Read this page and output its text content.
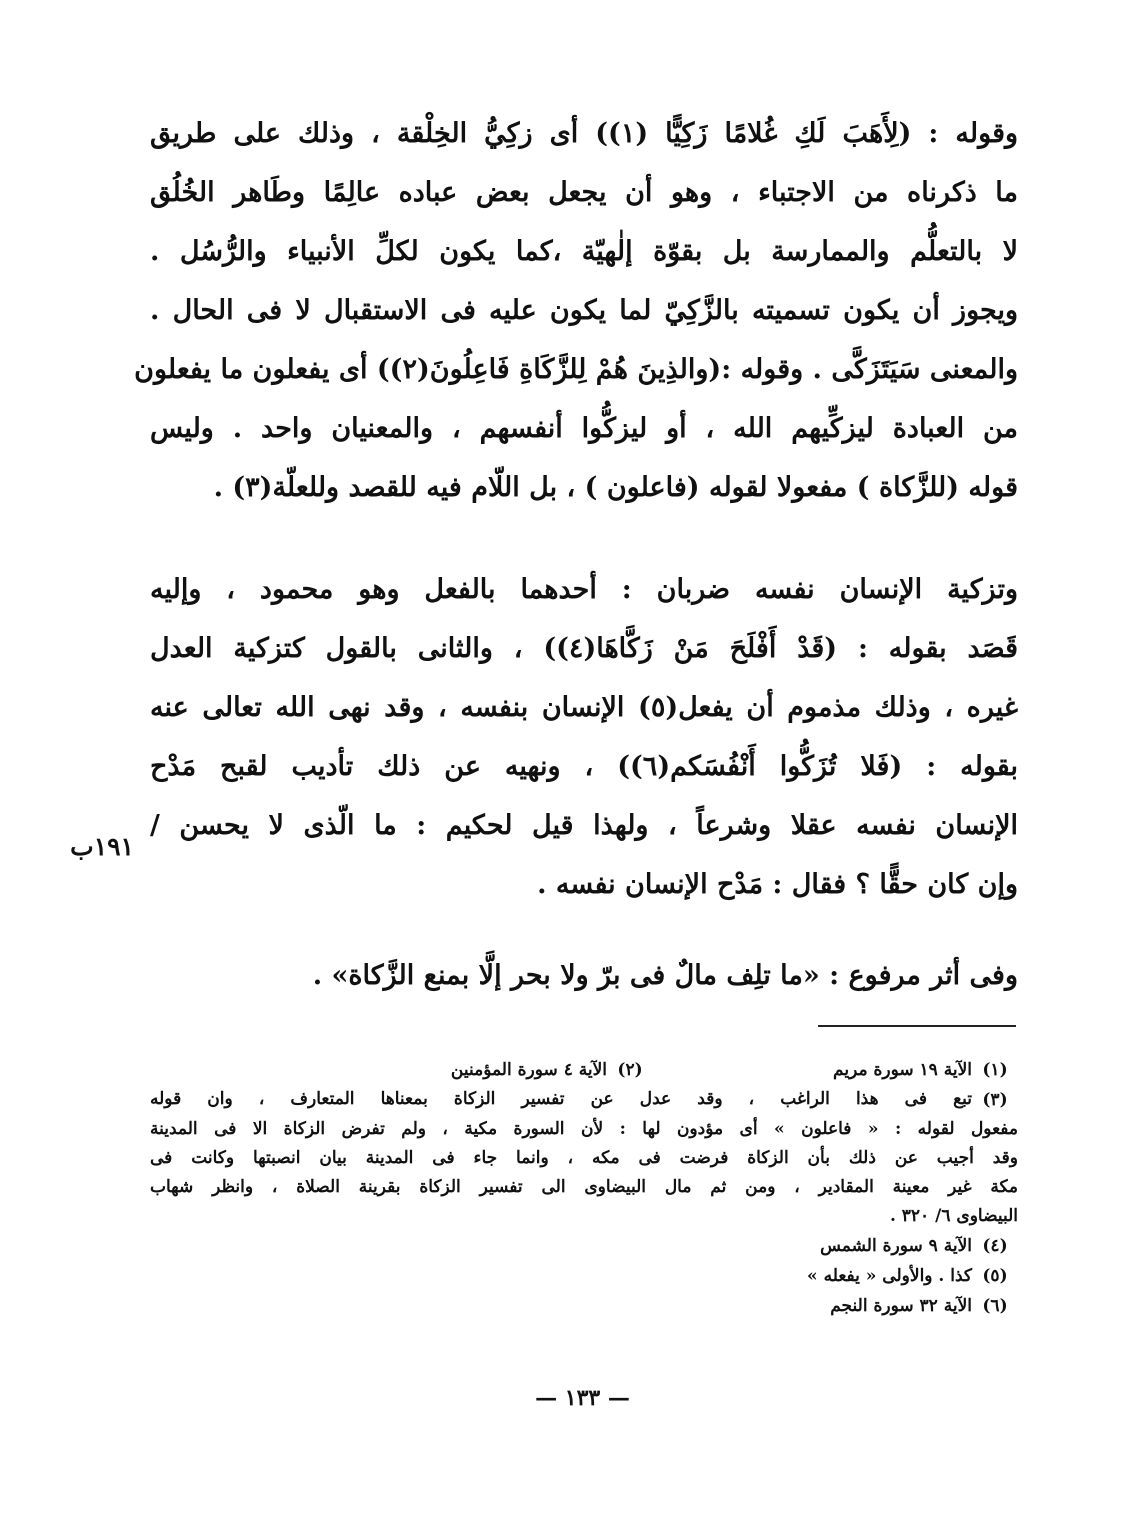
وقوله : (لِأَهَبَ لَكِ غُلامًا زَكِيًّا (١)) أى زكِيُّ الخِلْقة ، وذلك على طريق
ما ذكرناه من الاجتباء ، وهو أن يجعل بعض عباده عالِمًا وطَاهر الخُلُق
لا بالتعلُّم والممارسة بل بقوّة إلٰهيّة ،كما يكون لكلِّ الأنبياء والرُّسُل .
ويجوز أن يكون تسميته بالزَّكِيّ لما يكون عليه فى الاستقبال لا فى الحال .
والمعنى سَيَتَزَكَّى . وقوله :(والذِينَ هُمْ لِلزَّكَاةِ فَاعِلُونَ(٢)) أى يفعلون ما يفعلون
من العبادة ليزكِّيهم الله ، أو ليزكُّوا أنفسهم ، والمعنيان واحد . وليس
قوله (للزَّكاة ) مفعولا لقوله (فاعلون ) ، بل اللّام فيه للقصد وللعلّة(٣) .
وتزكية الإنسان نفسه ضربان : أحدهما بالفعل وهو محمود ، وإليه
قَصَد بقوله : (قَدْ أَفْلَحَ مَنْ زَكَّاهَا(٤)) ، والثانى بالقول كتزكية العدل
غيره ، وذلك مذموم أن يفعل(٥) الإنسان بنفسه ، وقد نهى الله تعالى عنه
بقوله : (فَلا تُزَكُّوا أَنْفُسَكم(٦)) ، ونهيه عن ذلك تأديب لقبح مَدْح
الإنسان نفسه عقلا وشرعاً ، ولهذا قيل لحكيم : ما الّذى لا يحسن /
وإن كان حقًّا ؟ فقال : مَدْح الإنسان نفسه .
١٩١ب
وفى أثر مرفوع : «ما تلِف مالٌ فى برّ ولا بحر إلَّا بمنع الزَّكاة» .
(١)
الآية ١٩ سورة مريم
(٢)
الآية ٤ سورة المؤمنين
(٣)
تبع فى هذا الراغب ، وقد عدل عن تفسير الزكاة بمعناها المتعارف ، وان قوله
مفعول لقوله : « فاعلون » أى مؤدون لها : لأن السورة مكية ، ولم تفرض الزكاة الا فى المدينة
وقد أجيب عن ذلك بأن الزكاة فرضت فى مكه ، وانما جاء فى المدينة بيان انصبتها وكانت فى
مكة غير معينة المقادير ، ومن ثم مال البيضاوى الى تفسير الزكاة بقرينة الصلاة ، وانظر شهاب
البيضاوى ٦/ ٣٢٠ .
(٤)
الآية ٩ سورة الشمس
(٥)
كذا . والأولى « يفعله »
(٦)
الآية ٣٢ سورة النجم
— ١٣٣ —
